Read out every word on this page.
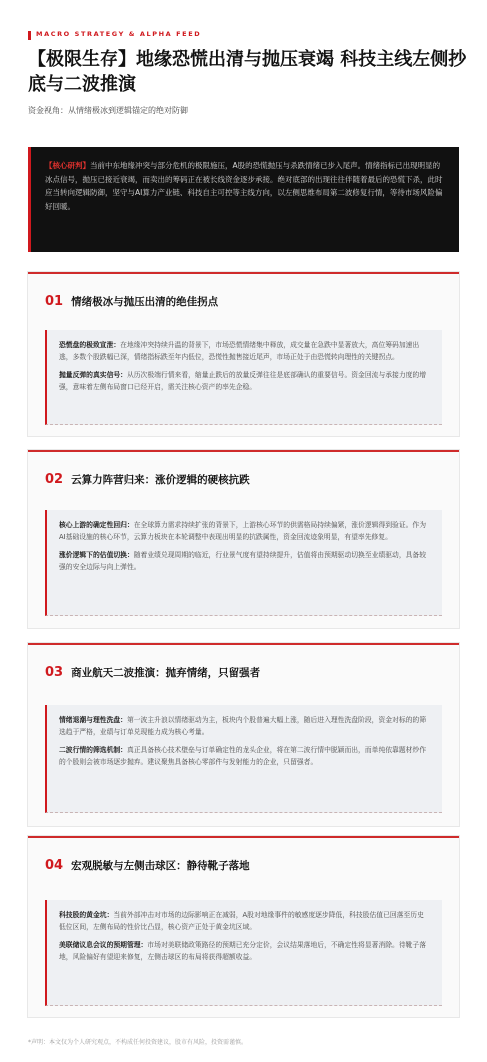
MACRO STRATEGY & ALPHA FEED
【极限生存】地缘恐慌出清与抛压衰竭 科技主线左侧抄底与二波推演
资金视角：从情绪极冰到逻辑锚定的绝对防御

【核心研判】当前中东地缘冲突与部分危机的极限施压，A股的恐慌抛压与杀跌情绪已步入尾声。情绪指标已出现明显的冰点信号，抛压已接近衰竭，而卖出的筹码正在被长线资金逐步承接。绝对底部的出现往往伴随着最后的恐慌下杀，此时应当转向逻辑防御，坚守与AI算力产业链、科技自主可控等主线方向，以左侧思维布局第二波修复行情，等待市场风险偏好回暖。

01 情绪极冰与抛压出清的绝佳拐点

恐慌盘的极致宣泄：在地缘冲突持续升温的背景下，市场恐慌情绪集中释放，成交量在急跌中显著放大，高位筹码加速出逃，多数个股跌幅已深，情绪指标跌至年内低位，恐慌性抛售接近尾声，市场正处于由恐慌转向理性的关键拐点。

抛量反弹的真实信号：从历次极端行情来看，缩量止跌后的放量反弹往往是底部确认的重要信号。资金回流与承接力度的增强，意味着左侧布局窗口已经开启，需关注核心资产的率先企稳。

02 云算力阵营归来：涨价逻辑的硬核抗跌

核心上游的确定性回归：在全球算力需求持续扩张的背景下，上游核心环节的供需格局持续偏紧，涨价逻辑得到验证。作为AI基础设施的核心环节，云算力板块在本轮调整中表现出明显的抗跌属性，资金回流迹象明显，有望率先修复。

涨价逻辑下的估值切换：随着业绩兑现周期的临近，行业景气度有望持续提升，估值将由预期驱动切换至业绩驱动，具备较强的安全边际与向上弹性。

03 商业航天二波推演：抛弃情绪，只留强者

情绪退潮与理性洗盘：第一波主升浪以情绪驱动为主，板块内个股普遍大幅上涨，随后进入理性洗盘阶段，资金对标的的筛选趋于严格，业绩与订单兑现能力成为核心考量。

二波行情的筛选机制：真正具备核心技术壁垒与订单确定性的龙头企业，将在第二波行情中脱颖而出，而单纯依靠题材炒作的个股则会被市场逐步抛弃。建议聚焦具备核心零部件与发射能力的企业，只留强者。

04 宏观脱敏与左侧击球区：静待靴子落地

科技股的黄金坑：当前外部冲击对市场的边际影响正在减弱，A股对地缘事件的敏感度逐步降低，科技股估值已回落至历史低位区间，左侧布局的性价比凸显，核心资产正处于黄金坑区域。

美联储议息会议的预期管理：市场对美联储政策路径的预期已充分定价，会议结果落地后，不确定性将显著消除。待靴子落地，风险偏好有望迎来修复，左侧击球区的布局将获得超额收益。

*声明：本文仅为个人研究观点，不构成任何投资建议，股市有风险，投资需谨慎。
